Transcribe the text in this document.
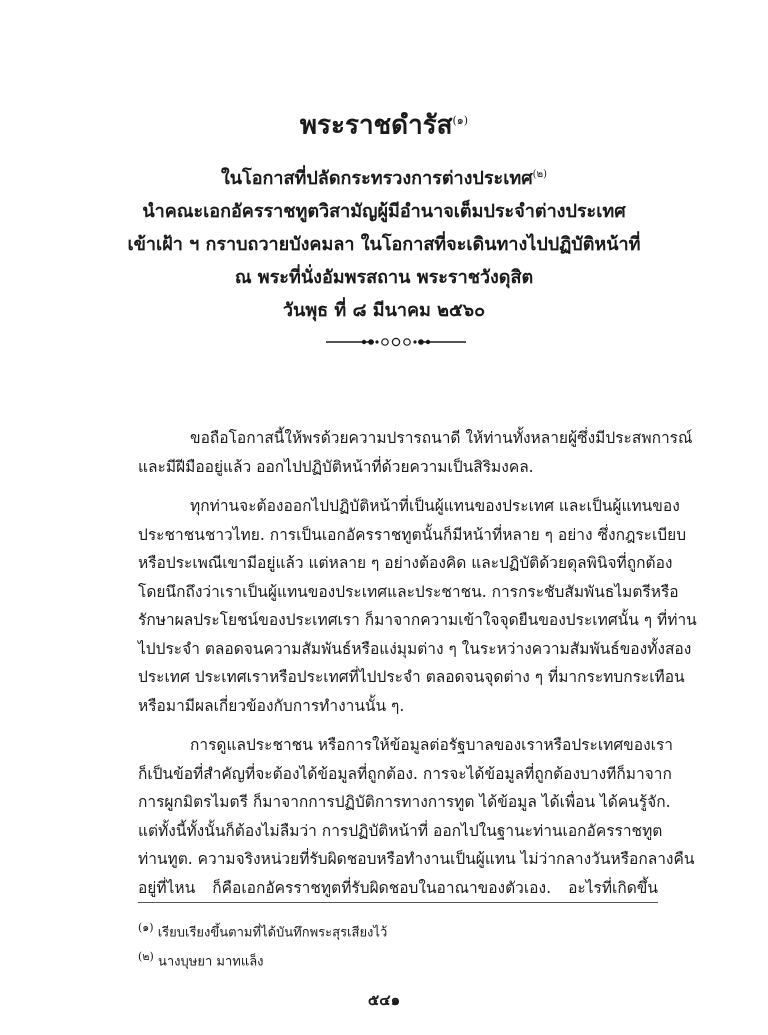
พระราชดำรัส$^{(๑)}$
ในโอกาสที่ปลัดกระทรวงการต่างประเทศ$^{(๒)}$
นำคณะเอกอัครราชทูตวิสามัญผู้มีอำนาจเต็มประจำต่างประเทศ
เข้าเฝ้า ฯ กราบถวายบังคมลา ในโอกาสที่จะเดินทางไปปฏิบัติหน้าที่
ณ พระที่นั่งอัมพรสถาน พระราชวังดุสิต
วันพุธ ที่ ๘ มีนาคม ๒๕๖๐

ขอถือโอกาสนี้ให้พรด้วยความปรารถนาดี ให้ท่านทั้งหลายผู้ซึ่งมีประสพการณ์
และมีฝีมืออยู่แล้ว ออกไปปฏิบัติหน้าที่ด้วยความเป็นสิริมงคล.

ทุกท่านจะต้องออกไปปฏิบัติหน้าที่เป็นผู้แทนของประเทศ และเป็นผู้แทนของ
ประชาชนชาวไทย. การเป็นเอกอัครราชทูตนั้นก็มีหน้าที่หลาย ๆ อย่าง ซึ่งกฎระเบียบ
หรือประเพณีเขามีอยู่แล้ว แต่หลาย ๆ อย่างต้องคิด และปฏิบัติด้วยดุลพินิจที่ถูกต้อง
โดยนึกถึงว่าเราเป็นผู้แทนของประเทศและประชาชน. การกระชับสัมพันธไมตรีหรือ
รักษาผลประโยชน์ของประเทศเรา ก็มาจากความเข้าใจจุดยืนของประเทศนั้น ๆ ที่ท่าน
ไปประจำ ตลอดจนความสัมพันธ์หรือแง่มุมต่าง ๆ ในระหว่างความสัมพันธ์ของทั้งสอง
ประเทศ ประเทศเราหรือประเทศที่ไปประจำ ตลอดจนจุดต่าง ๆ ที่มากระทบกระเทือน
หรือมามีผลเกี่ยวข้องกับการทำงานนั้น ๆ.

การดูแลประชาชน หรือการให้ข้อมูลต่อรัฐบาลของเราหรือประเทศของเรา
ก็เป็นข้อที่สำคัญที่จะต้องได้ข้อมูลที่ถูกต้อง. การจะได้ข้อมูลที่ถูกต้องบางทีก็มาจาก
การผูกมิตรไมตรี ก็มาจากการปฏิบัติการทางการทูต ได้ข้อมูล ได้เพื่อน ได้คนรู้จัก.
แต่ทั้งนี้ทั้งนั้นก็ต้องไม่ลืมว่า การปฏิบัติหน้าที่ ออกไปในฐานะท่านเอกอัครราชทูต
ท่านทูต. ความจริงหน่วยที่รับผิดชอบหรือทำงานเป็นผู้แทน ไม่ว่ากลางวันหรือกลางคืน
อยู่ที่ไหน ก็คือเอกอัครราชทูตที่รับผิดชอบในอาณาของตัวเอง. อะไรที่เกิดขึ้น

$^{(๑)}$ เรียบเรียงขึ้นตามที่ได้บันทึกพระสุรเสียงไว้
$^{(๒)}$ นางบุษยา มาทแล็ง
๕๔๑
